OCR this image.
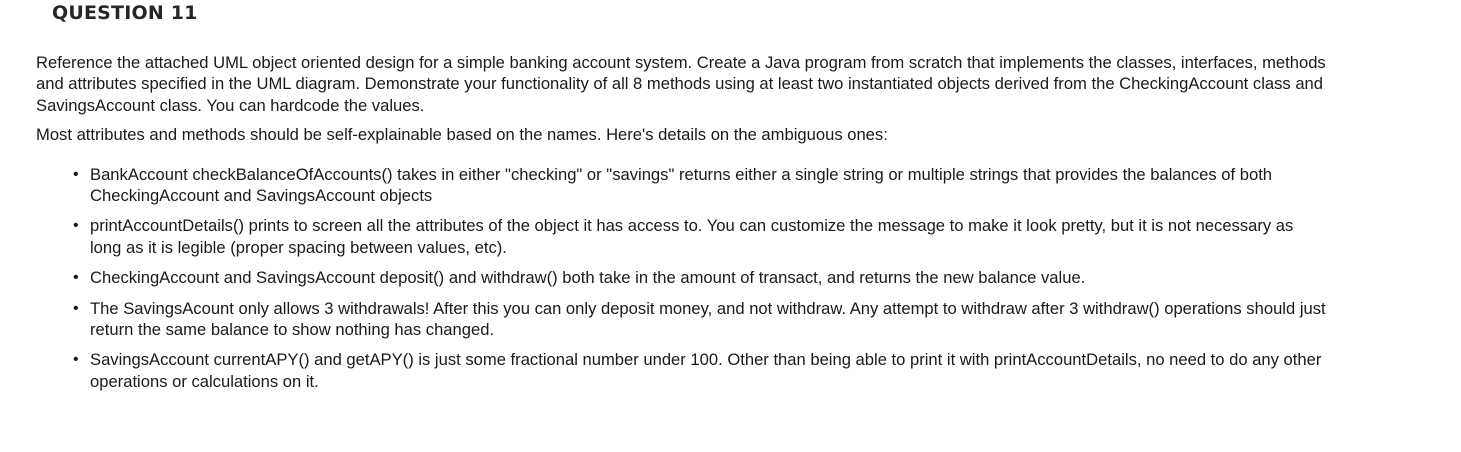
QUESTION 11

Reference the attached UML object oriented design for a simple banking account system. Create a Java program from scratch that implements the classes, interfaces, methods and attributes specified in the UML diagram. Demonstrate your functionality of all 8 methods using at least two instantiated objects derived from the CheckingAccount class and SavingsAccount class. You can hardcode the values.

Most attributes and methods should be self-explainable based on the names. Here's details on the ambiguous ones:

• BankAccount checkBalanceOfAccounts() takes in either "checking" or "savings" returns either a single string or multiple strings that provides the balances of both CheckingAccount and SavingsAccount objects
• printAccountDetails() prints to screen all the attributes of the object it has access to. You can customize the message to make it look pretty, but it is not necessary as long as it is legible (proper spacing between values, etc).
• CheckingAccount and SavingsAccount deposit() and withdraw() both take in the amount of transact, and returns the new balance value.
• The SavingsAcount only allows 3 withdrawals! After this you can only deposit money, and not withdraw. Any attempt to withdraw after 3 withdraw() operations should just return the same balance to show nothing has changed.
• SavingsAccount currentAPY() and getAPY() is just some fractional number under 100. Other than being able to print it with printAccountDetails, no need to do any other operations or calculations on it.
